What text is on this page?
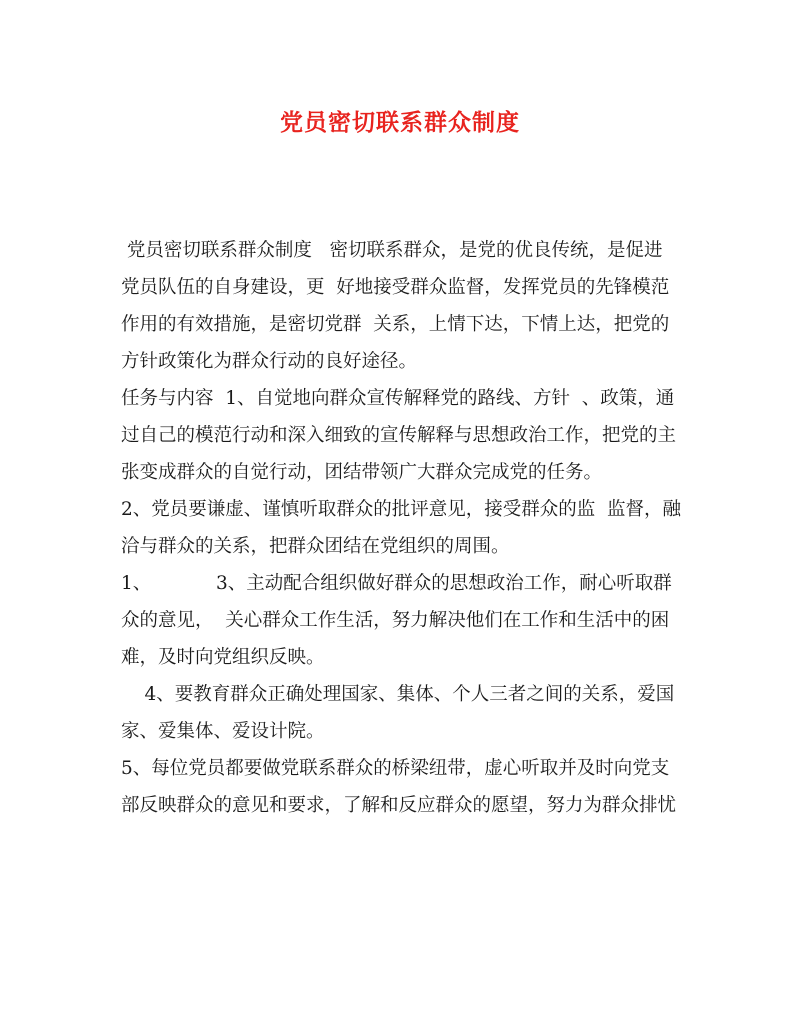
党员密切联系群众制度
党员密切联系群众制度   密切联系群众，是党的优良传统，是促进
党员队伍的自身建设，更  好地接受群众监督，发挥党员的先锋模范
作用的有效措施，是密切党群  关系，上情下达，下情上达，把党的
方针政策化为群众行动的良好途径。
任务与内容  1、自觉地向群众宣传解释党的路线、方针  、政策，通
过自己的模范行动和深入细致的宣传解释与思想政治工作，把党的主
张变成群众的自觉行动，团结带领广大群众完成党的任务。
2、党员要谦虚、谨慎听取群众的批评意见，接受群众的监  监督，融
洽与群众的关系，把群众团结在党组织的周围。
1、           3、主动配合组织做好群众的思想政治工作，耐心听取群
众的意见，  关心群众工作生活，努力解决他们在工作和生活中的困
难，及时向党组织反映。
4、要教育群众正确处理国家、集体、个人三者之间的关系，爱国
家、爱集体、爱设计院。
5、每位党员都要做党联系群众的桥梁纽带，虚心听取并及时向党支
部反映群众的意见和要求，了解和反应群众的愿望，努力为群众排忧
